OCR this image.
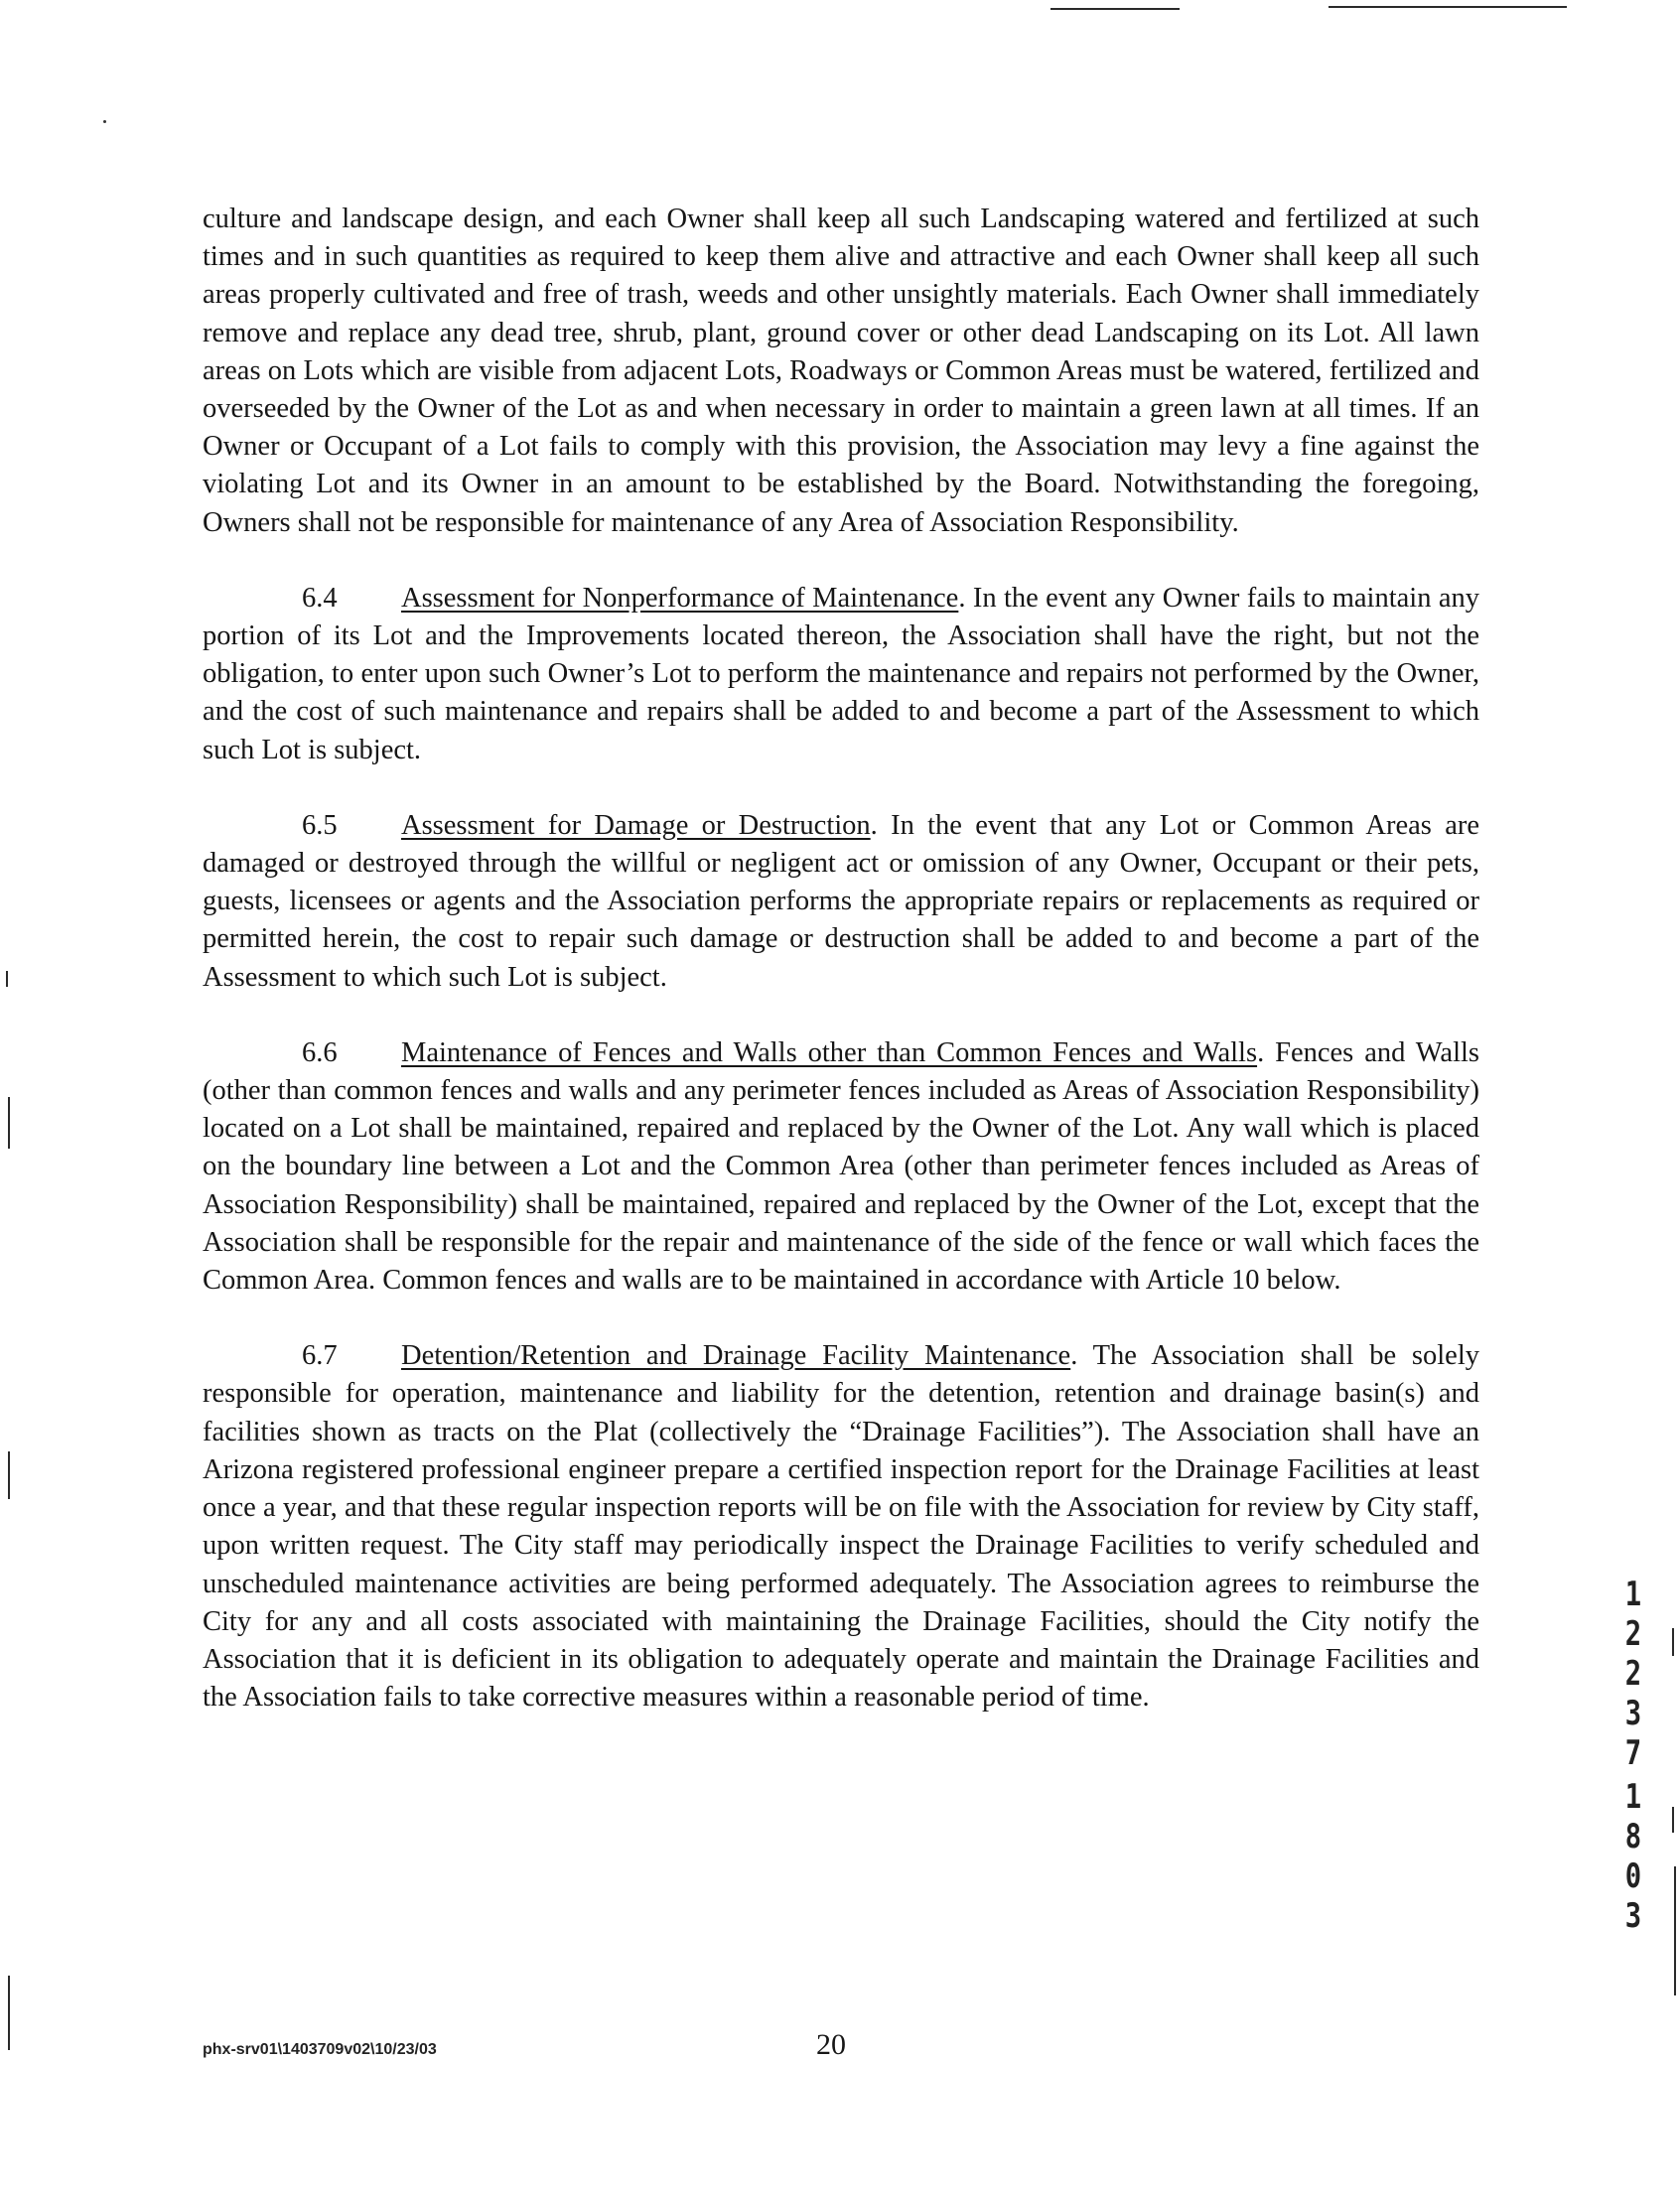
culture and landscape design, and each Owner shall keep all such Landscaping watered and fertilized at such times and in such quantities as required to keep them alive and attractive and each Owner shall keep all such areas properly cultivated and free of trash, weeds and other unsightly materials. Each Owner shall immediately remove and replace any dead tree, shrub, plant, ground cover or other dead Landscaping on its Lot. All lawn areas on Lots which are visible from adjacent Lots, Roadways or Common Areas must be watered, fertilized and overseeded by the Owner of the Lot as and when necessary in order to maintain a green lawn at all times. If an Owner or Occupant of a Lot fails to comply with this provision, the Association may levy a fine against the violating Lot and its Owner in an amount to be established by the Board. Notwithstanding the foregoing, Owners shall not be responsible for maintenance of any Area of Association Responsibility.

6.4 Assessment for Nonperformance of Maintenance. In the event any Owner fails to maintain any portion of its Lot and the Improvements located thereon, the Association shall have the right, but not the obligation, to enter upon such Owner’s Lot to perform the maintenance and repairs not performed by the Owner, and the cost of such maintenance and repairs shall be added to and become a part of the Assessment to which such Lot is subject.

6.5 Assessment for Damage or Destruction. In the event that any Lot or Common Areas are damaged or destroyed through the willful or negligent act or omission of any Owner, Occupant or their pets, guests, licensees or agents and the Association performs the appropriate repairs or replacements as required or permitted herein, the cost to repair such damage or destruction shall be added to and become a part of the Assessment to which such Lot is subject.

6.6 Maintenance of Fences and Walls other than Common Fences and Walls. Fences and Walls (other than common fences and walls and any perimeter fences included as Areas of Association Responsibility) located on a Lot shall be maintained, repaired and replaced by the Owner of the Lot. Any wall which is placed on the boundary line between a Lot and the Common Area (other than perimeter fences included as Areas of Association Responsibility) shall be maintained, repaired and replaced by the Owner of the Lot, except that the Association shall be responsible for the repair and maintenance of the side of the fence or wall which faces the Common Area. Common fences and walls are to be maintained in accordance with Article 10 below.

6.7 Detention/Retention and Drainage Facility Maintenance. The Association shall be solely responsible for operation, maintenance and liability for the detention, retention and drainage basin(s) and facilities shown as tracts on the Plat (collectively the “Drainage Facilities”). The Association shall have an Arizona registered professional engineer prepare a certified inspection report for the Drainage Facilities at least once a year, and that these regular inspection reports will be on file with the Association for review by City staff, upon written request. The City staff may periodically inspect the Drainage Facilities to verify scheduled and unscheduled maintenance activities are being performed adequately. The Association agrees to reimburse the City for any and all costs associated with maintaining the Drainage Facilities, should the City notify the Association that it is deficient in its obligation to adequately operate and maintain the Drainage Facilities and the Association fails to take corrective measures within a reasonable period of time.

phx-srv01\1403709v02\10/23/03	20
1
2
2
3
7
1
8
0
3
